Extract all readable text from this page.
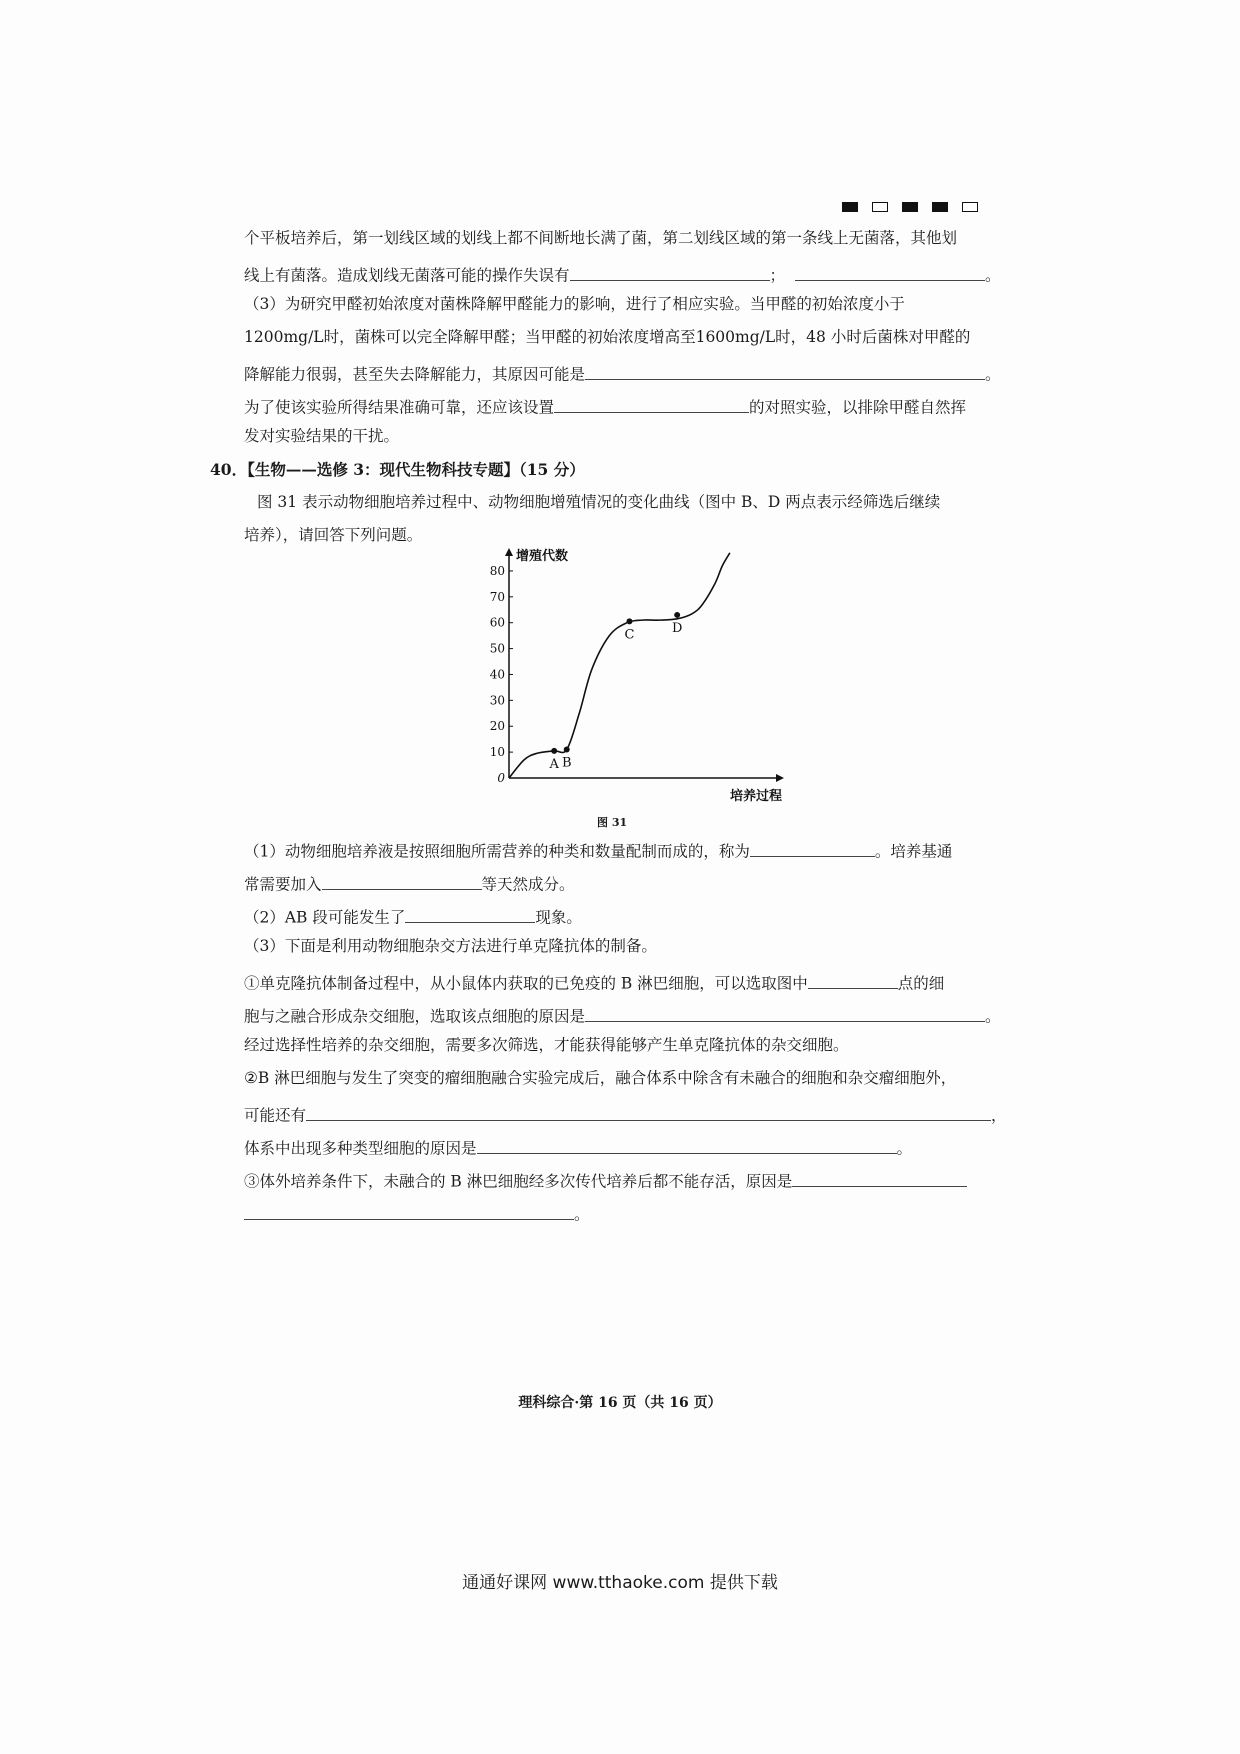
个平板培养后，第一划线区域的划线上都不间断地长满了菌，第二划线区域的第一条线上无菌落，其他划
线上有菌落。造成划线无菌落可能的操作失误有	；	。
（3）为研究甲醛初始浓度对菌株降解甲醛能力的影响，进行了相应实验。当甲醛的初始浓度小于
1200mg/L时，菌株可以完全降解甲醛；当甲醛的初始浓度增高至1600mg/L时，48 小时后菌株对甲醛的
降解能力很弱，甚至失去降解能力，其原因可能是	。
为了使该实验所得结果准确可靠，还应该设置	的对照实验，以排除甲醛自然挥
发对实验结果的干扰。
40．【生物——选修 3：现代生物科技专题】（15 分）
图 31 表示动物细胞培养过程中、动物细胞增殖情况的变化曲线（图中 B、D 两点表示经筛选后继续
培养），请回答下列问题。
增殖代数
培养过程
0
10
20
30
40
50
60
70
80
A B
C	D
图 31
（1）动物细胞培养液是按照细胞所需营养的种类和数量配制而成的，称为	。培养基通
常需要加入	等天然成分。
（2）AB 段可能发生了	现象。
（3）下面是利用动物细胞杂交方法进行单克隆抗体的制备。
①单克隆抗体制备过程中，从小鼠体内获取的已免疫的 B 淋巴细胞，可以选取图中	点的细
胞与之融合形成杂交细胞，选取该点细胞的原因是	。
经过选择性培养的杂交细胞，需要多次筛选，才能获得能够产生单克隆抗体的杂交细胞。
②B 淋巴细胞与发生了突变的瘤细胞融合实验完成后，融合体系中除含有未融合的细胞和杂交瘤细胞外，
可能还有	，
体系中出现多种类型细胞的原因是	。
③体外培养条件下，未融合的 B 淋巴细胞经多次传代培养后都不能存活，原因是
。
理科综合·第 16 页（共 16 页）
通通好课网 www.tthaoke.com 提供下载
